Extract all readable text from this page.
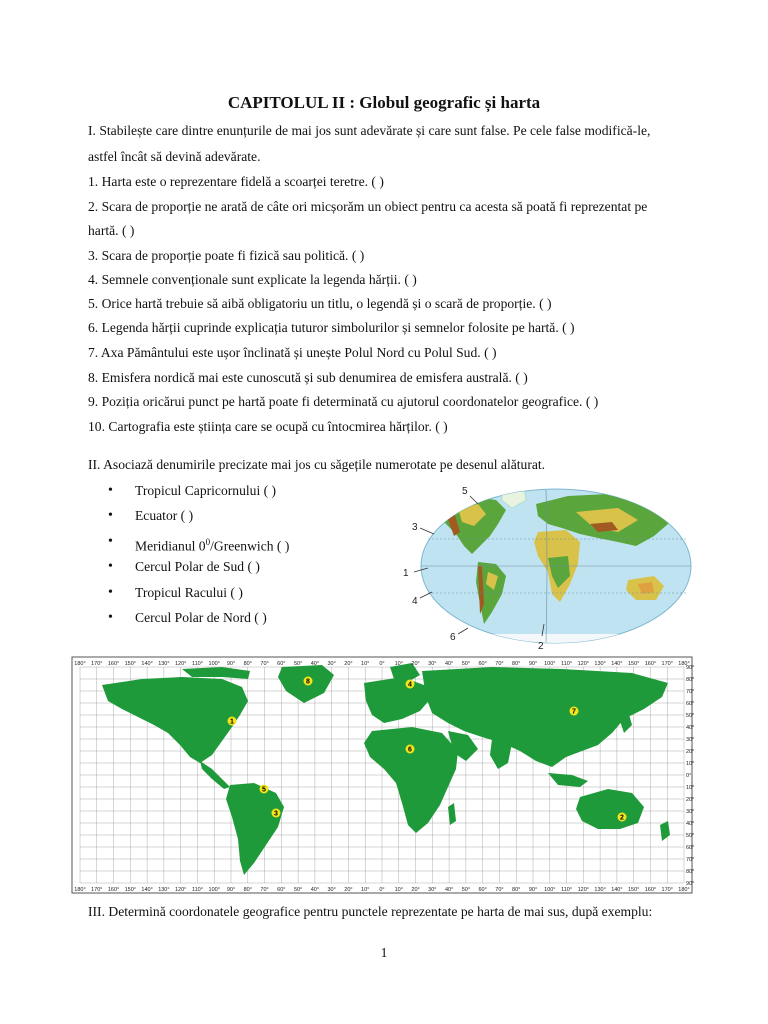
CAPITOLUL II : Globul geografic și harta
I. Stabilește care dintre enunțurile de mai jos sunt adevărate și care sunt false. Pe cele false modifică-le,
astfel încât să devină adevărate.
1. Harta este o reprezentare fidelă a scoarței teretre. ( )
2. Scara de proporție ne arată de câte ori micșorăm un obiect pentru ca acesta să poată fi reprezentat pe
hartă. ( )
3. Scara de proporție poate fi fizică sau politică. ( )
4. Semnele convenționale sunt explicate la legenda hărții. ( )
5. Orice hartă trebuie să aibă obligatoriu un titlu, o legendă și o scară de proporție. ( )
6. Legenda hărții cuprinde explicația tuturor simbolurilor și semnelor folosite pe hartă. ( )
7. Axa Pământului este ușor înclinată și unește Polul Nord cu Polul Sud. ( )
8. Emisfera nordică mai este cunoscută și sub denumirea de emisfera australă. ( )
9. Poziția oricărui punct pe hartă poate fi determinată cu ajutorul coordonatelor geografice. ( )
10. Cartografia este știința care se ocupă cu întocmirea hărților. ( )
II. Asociază denumirile precizate mai jos cu săgețile numerotate pe desenul alăturat.
• Tropicul Capricornului ( )
• Ecuator ( )
• Meridianul $0^0$/Greenwich ( )
• Cercul Polar de Sud ( )
• Tropicul Racului ( )
• Cercul Polar de Nord ( )
1
2
3
4
5
6
1
2
3
4
5
6
7
8
180°
180°
170°
170°
160°
160°
150°
150°
140°
140°
130°
130°
120°
120°
110°
110°
100°
100°
90°
90°
80°
80°
70°
70°
60°
60°
50°
50°
40°
40°
30°
30°
20°
20°
10°
10°
0°
0°
10°
10°
20°
20°
30°
30°
40°
40°
50°
50°
60°
60°
70°
70°
80°
80°
90°
90°
100°
100°
110°
110°
120°
120°
130°
130°
140°
140°
150°
150°
160°
160°
170°
170°
180°
180°
90°
80°
70°
60°
50°
40°
30°
20°
10°
0°
10°
20°
30°
40°
50°
60°
70°
80°
90°
III. Determină coordonatele geografice pentru punctele reprezentate pe harta de mai sus, după exemplu:
1
